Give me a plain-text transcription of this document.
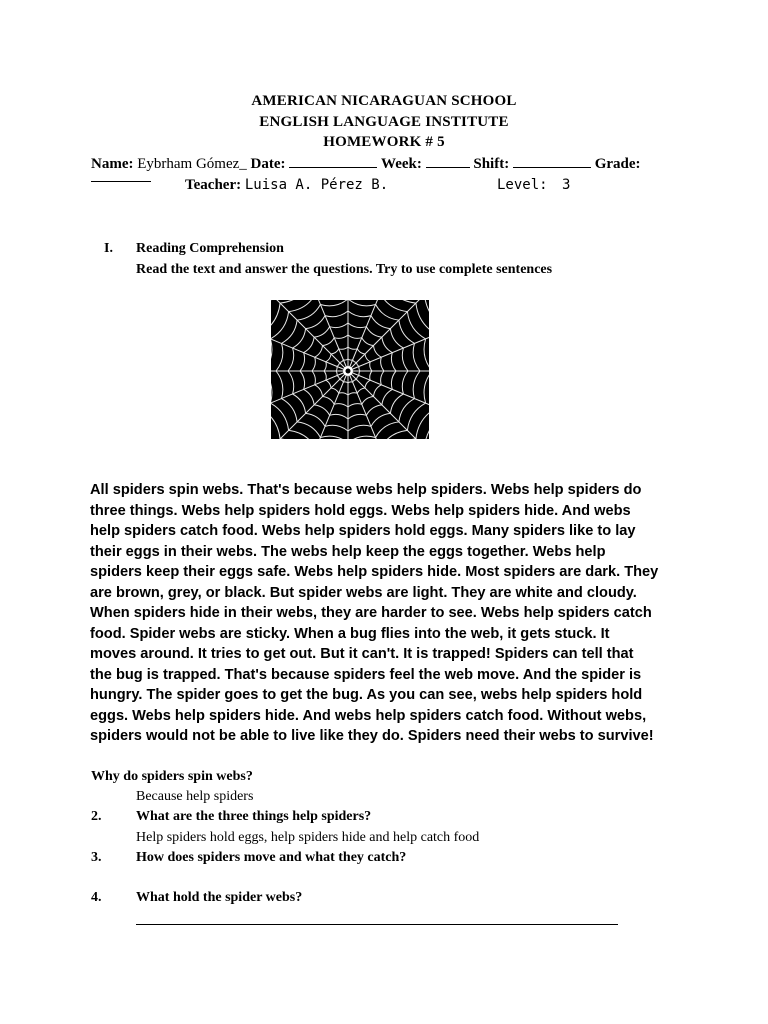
AMERICAN NICARAGUAN SCHOOL
ENGLISH LANGUAGE INSTITUTE
HOMEWORK # 5
Name: Eybrham Gómez_ Date:	Week:	Shift:	Grade:
Teacher: Luisa A. Pérez B.	Level: 3
I. Reading Comprehension
Read the text and answer the questions. Try to use complete sentences
All spiders spin webs. That's because webs help spiders. Webs help spiders do
three things. Webs help spiders hold eggs. Webs help spiders hide. And webs
help spiders catch food. Webs help spiders hold eggs. Many spiders like to lay
their eggs in their webs. The webs help keep the eggs together. Webs help
spiders keep their eggs safe. Webs help spiders hide. Most spiders are dark. They
are brown, grey, or black. But spider webs are light. They are white and cloudy.
When spiders hide in their webs, they are harder to see. Webs help spiders catch
food. Spider webs are sticky. When a bug flies into the web, it gets stuck. It
moves around. It tries to get out. But it can't. It is trapped! Spiders can tell that
the bug is trapped. That's because spiders feel the web move. And the spider is
hungry. The spider goes to get the bug. As you can see, webs help spiders hold
eggs. Webs help spiders hide. And webs help spiders catch food. Without webs,
spiders would not be able to live like they do. Spiders need their webs to survive!
Why do spiders spin webs?
Because help spiders
2. What are the three things help spiders?
Help spiders hold eggs, help spiders hide and help catch food
3. How does spiders move and what they catch?
4. What hold the spider webs?
